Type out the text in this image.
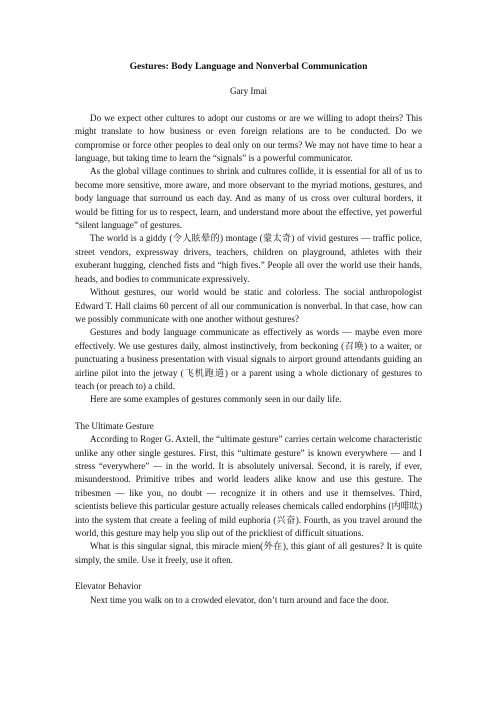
Gestures: Body Language and Nonverbal Communication
Gary Imai

Do we expect other cultures to adopt our customs or are we willing to adopt theirs? This might translate to how business or even foreign relations are to be conducted. Do we compromise or force other peoples to deal only on our terms? We may not have time to hear a language, but taking time to learn the “signals” is a powerful communicator.

As the global village continues to shrink and cultures collide, it is essential for all of us to become more sensitive, more aware, and more observant to the myriad motions, gestures, and body language that surround us each day. And as many of us cross over cultural borders, it would be fitting for us to respect, learn, and understand more about the effective, yet powerful “silent language” of gestures.

The world is a giddy (令人眩晕的) montage (蒙太奇) of vivid gestures — traffic police, street vendors, expressway drivers, teachers, children on playground, athletes with their exuberant hugging, clenched fists and “high fives.” People all over the world use their hands, heads, and bodies to communicate expressively.

Without gestures, our world would be static and colorless. The social anthropologist Edward T. Hall claims 60 percent of all our communication is nonverbal. In that case, how can we possibly communicate with one another without gestures?

Gestures and body language communicate as effectively as words — maybe even more effectively. We use gestures daily, almost instinctively, from beckoning (召唤) to a waiter, or punctuating a business presentation with visual signals to airport ground attendants guiding an airline pilot into the jetway (飞机跑道) or a parent using a whole dictionary of gestures to teach (or preach to) a child.

Here are some examples of gestures commonly seen in our daily life.

The Ultimate Gesture

According to Roger G. Axtell, the “ultimate gesture” carries certain welcome characteristic unlike any other single gestures. First, this “ultimate gesture” is known everywhere — and I stress “everywhere” — in the world. It is absolutely universal. Second, it is rarely, if ever, misunderstood. Primitive tribes and world leaders alike know and use this gesture. The tribesmen — like you, no doubt — recognize it in others and use it themselves. Third, scientists believe this particular gesture actually releases chemicals called endorphins (内啡呔) into the system that create a feeling of mild euphoria (兴奋). Fourth, as you travel around the world, this gesture may help you slip out of the prickliest of difficult situations.

What is this singular signal, this miracle mien(外在), this giant of all gestures? It is quite simply, the smile. Use it freely, use it often.

Elevator Behavior

Next time you walk on to a crowded elevator, don’t turn around and face the door.
